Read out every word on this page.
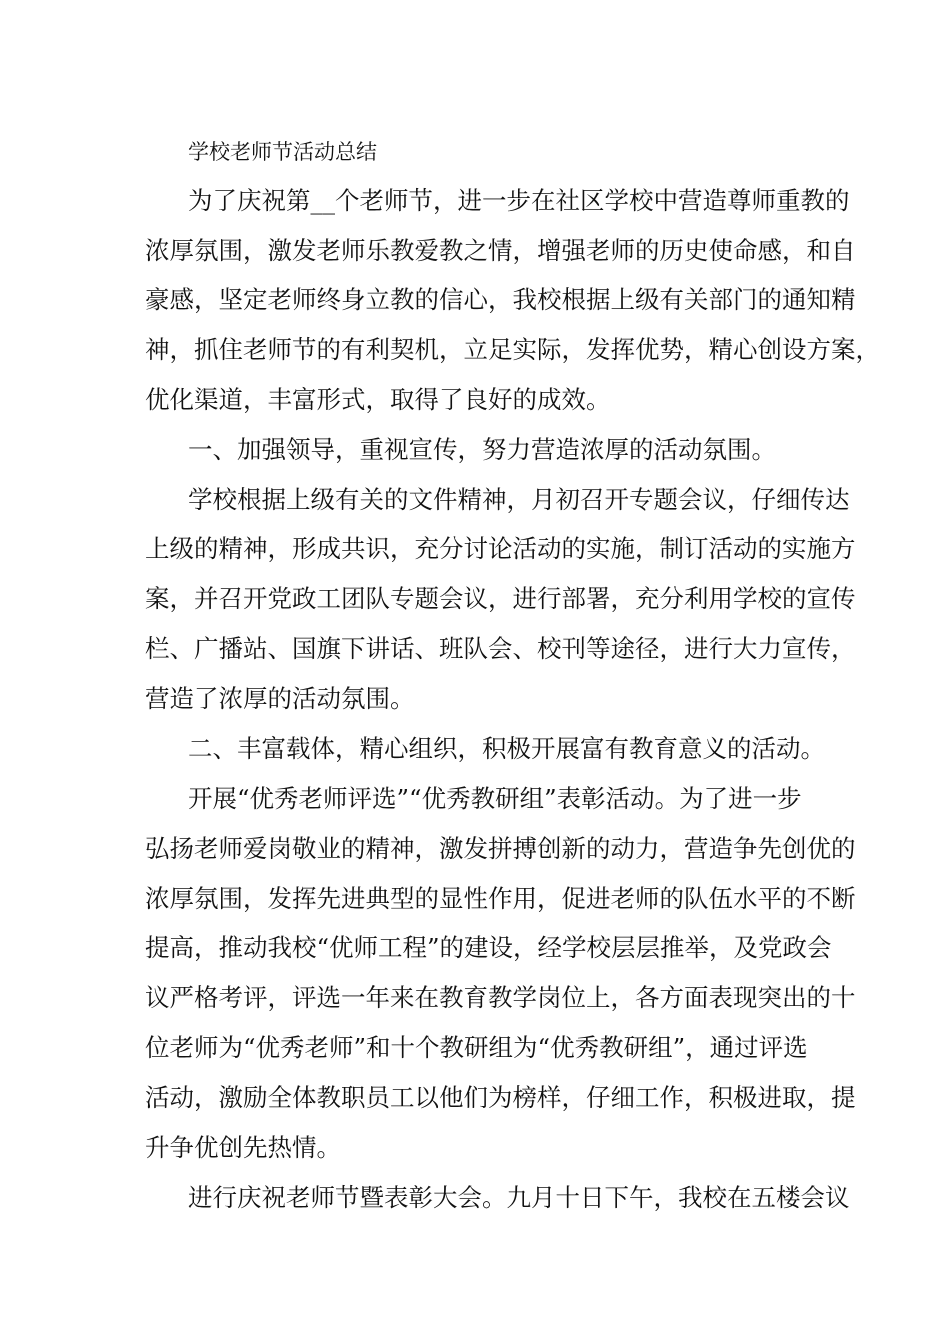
学校老师节活动总结
为了庆祝第__个老师节，进一步在社区学校中营造尊师重教的
浓厚氛围，激发老师乐教爱教之情，增强老师的历史使命感，和自
豪感，坚定老师终身立教的信心，我校根据上级有关部门的通知精
神，抓住老师节的有利契机，立足实际，发挥优势，精心创设方案，
优化渠道，丰富形式，取得了良好的成效。
一、加强领导，重视宣传，努力营造浓厚的活动氛围。
学校根据上级有关的文件精神，月初召开专题会议，仔细传达
上级的精神，形成共识，充分讨论活动的实施，制订活动的实施方
案，并召开党政工团队专题会议，进行部署，充分利用学校的宣传
栏、广播站、国旗下讲话、班队会、校刊等途径，进行大力宣传，
营造了浓厚的活动氛围。
二、丰富载体，精心组织，积极开展富有教育意义的活动。
开展“优秀老师评选”“优秀教研组”表彰活动。为了进一步
弘扬老师爱岗敬业的精神，激发拼搏创新的动力，营造争先创优的
浓厚氛围，发挥先进典型的显性作用，促进老师的队伍水平的不断
提高，推动我校“优师工程”的建设，经学校层层推举，及党政会
议严格考评，评选一年来在教育教学岗位上，各方面表现突出的十
位老师为“优秀老师”和十个教研组为“优秀教研组”，通过评选
活动，激励全体教职员工以他们为榜样，仔细工作，积极进取，提
升争优创先热情。
进行庆祝老师节暨表彰大会。九月十日下午，我校在五楼会议
